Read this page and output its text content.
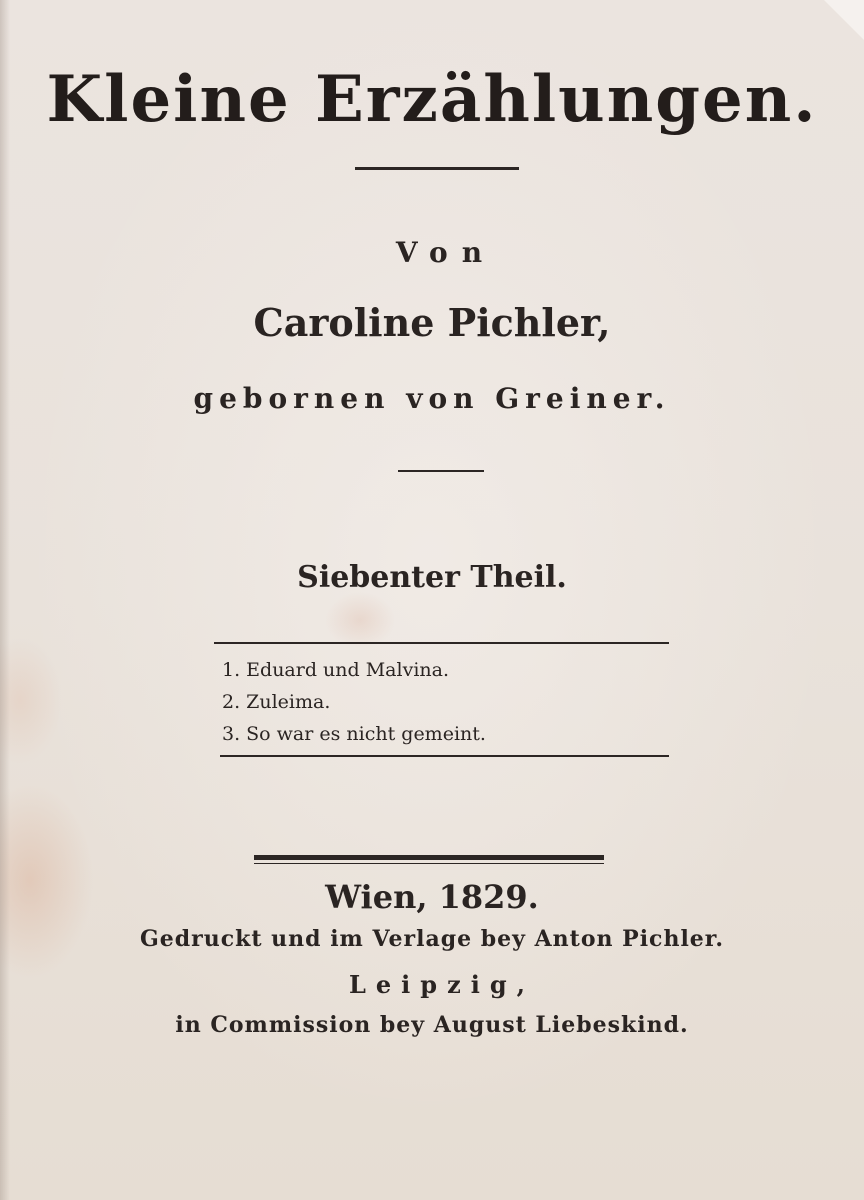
Kleine Erzählungen.
Von
Caroline Pichler,
gebornen von Greiner.
Siebenter Theil.
1. Eduard und Malvina.
2. Zuleima.
3. So war es nicht gemeint.
Wien, 1829.
Gedruckt und im Verlage bey Anton Pichler.
Leipzig,
in Commission bey August Liebeskind.
